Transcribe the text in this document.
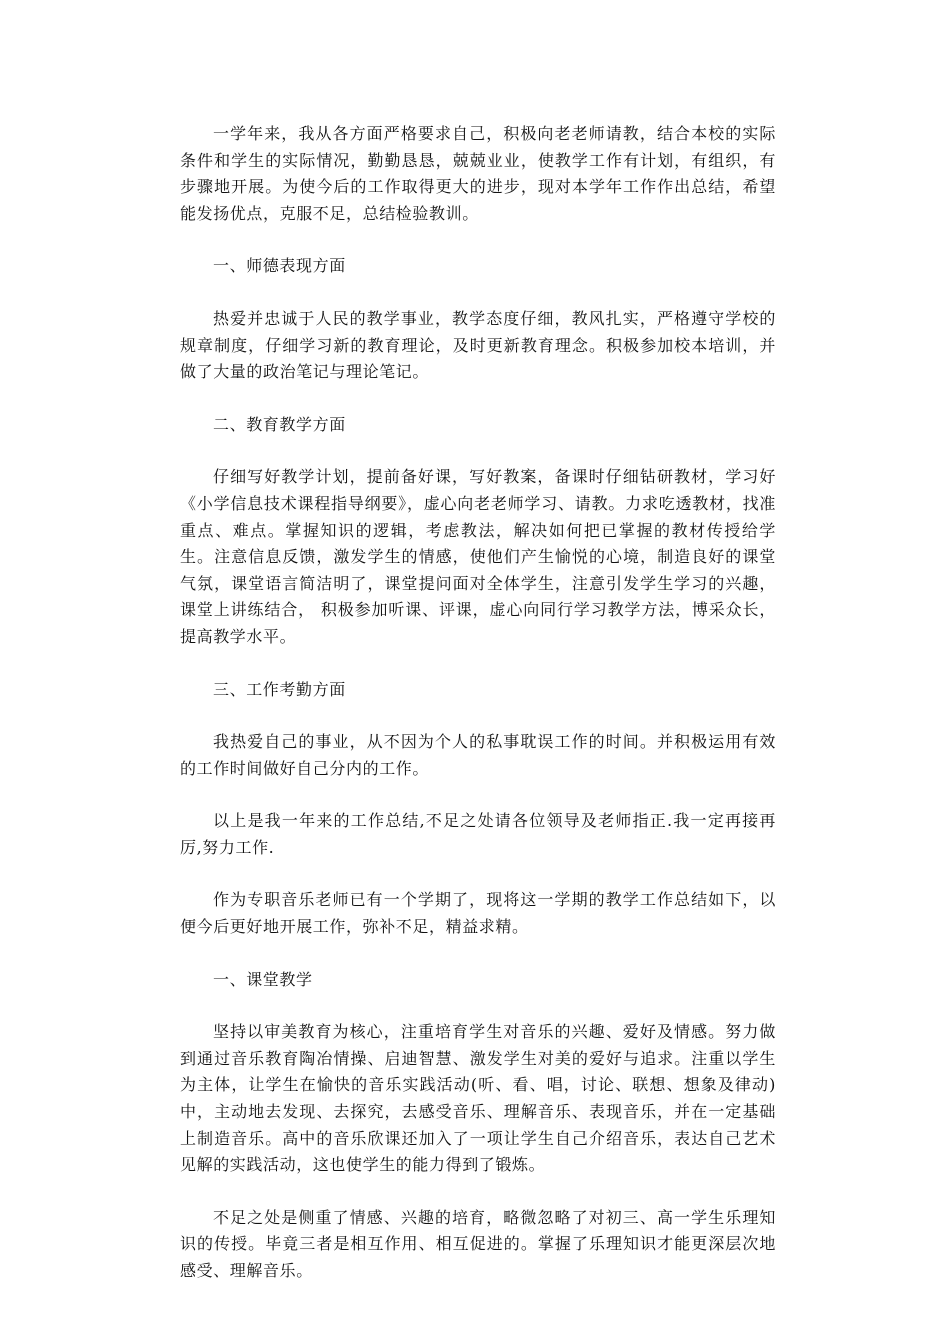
一学年来，我从各方面严格要求自己，积极向老老师请教，结合本校的实际条件和学生的实际情况，勤勤恳恳，兢兢业业，使教学工作有计划，有组织，有步骤地开展。为使今后的工作取得更大的进步，现对本学年工作作出总结，希望能发扬优点，克服不足，总结检验教训。

一、师德表现方面

热爱并忠诚于人民的教学事业，教学态度仔细，教风扎实，严格遵守学校的规章制度，仔细学习新的教育理论，及时更新教育理念。积极参加校本培训，并做了大量的政治笔记与理论笔记。

二、教育教学方面

仔细写好教学计划，提前备好课，写好教案，备课时仔细钻研教材，学习好《小学信息技术课程指导纲要》，虚心向老老师学习、请教。力求吃透教材，找准重点、难点。掌握知识的逻辑，考虑教法，解决如何把已掌握的教材传授给学生。注意信息反馈，激发学生的情感，使他们产生愉悦的心境，制造良好的课堂气氛，课堂语言简洁明了，课堂提问面对全体学生，注意引发学生学习的兴趣，课堂上讲练结合， 积极参加听课、评课，虚心向同行学习教学方法，博采众长，提高教学水平。

三、工作考勤方面

我热爱自己的事业，从不因为个人的私事耽误工作的时间。并积极运用有效的工作时间做好自己分内的工作。

以上是我一年来的工作总结,不足之处请各位领导及老师指正.我一定再接再厉,努力工作.

作为专职音乐老师已有一个学期了，现将这一学期的教学工作总结如下，以便今后更好地开展工作，弥补不足，精益求精。

一、课堂教学

坚持以审美教育为核心，注重培育学生对音乐的兴趣、爱好及情感。努力做到通过音乐教育陶冶情操、启迪智慧、激发学生对美的爱好与追求。注重以学生为主体，让学生在愉快的音乐实践活动(听、看、唱，讨论、联想、想象及律动)中，主动地去发现、去探究，去感受音乐、理解音乐、表现音乐，并在一定基础上制造音乐。高中的音乐欣课还加入了一项让学生自己介绍音乐，表达自己艺术见解的实践活动，这也使学生的能力得到了锻炼。

不足之处是侧重了情感、兴趣的培育，略微忽略了对初三、高一学生乐理知识的传授。毕竟三者是相互作用、相互促进的。掌握了乐理知识才能更深层次地感受、理解音乐。
